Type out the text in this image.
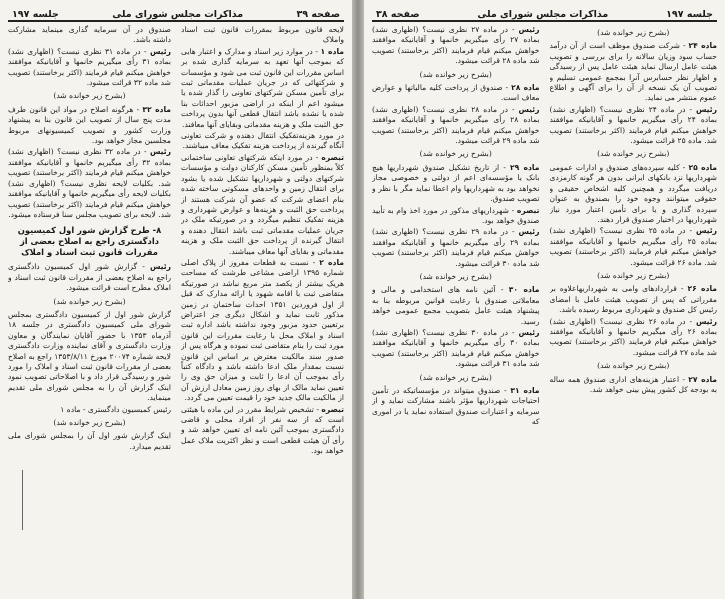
صفحه ۳۹
مذاکرات مجلس شورای ملی
جلسه ۱۹۷

لایحه قانون مربوط بمقررات قانون ثبت اسناد واملاک

ماده ۱ - در موارد زیر اسناد و مدارک و اعتبار هایی که بموجب آنها تعهد به سرمایه گذاری شده بر اساس مقررات این قانون ثبت می شود و مؤسسات و شرکتهائی که در جریان عملیات مقدماتی ثبت برای تأمین مسکن شرکتهای تعاونی را گذار شده یا میشود اعم از اینکه در اراضی مزبور احداثات بنا شده یا نشده باشد انتقال قطعی آنها بدون پرداخت حق الثبت ملک و هزینه مقدماتی وبقایای آنها معافند.

در مورد هزینه‌تفکیک انتقال دهنده و شرکت تعاونی آنگاه گیرنده از پرداخت هزینه تفکیک معاف میباشند.

تبصره - در مورد اینکه شرکتهای تعاونی ساختمانی کلاً بمنظور تأمین مسکن کارکنان دولت و مؤسسات شرکتهای دولتی و شهرداریها تشکیل شده یا بشود برای انتقال زمین و واحدهای مسکونی ساخته شده بنام اعضای شرکت که عضو آن شرکت هستند از پرداخت حق الثبت و هزینه‌ها و عوارض شهرداری و هزینه تفکیک تنظیم میگردد و در صورتیکه ملک در جریان عملیات مقدماتی ثبت باشد انتقال دهنده و انتقال گیرنده از پرداخت حق الثبت ملک و هزینه مقدماتی و بقایای آنها معاف میباشند.

ماده ۲ - نسبت به قطعات مفروز از پلاک اصلی شماره ۱۳۹۵ اراضی مشاعی طرشت که مساحت هریک بیشتر از یکصد متر مربع نباشد در صورتیکه متقاضی ثبت با اقامه شهود یا ارائه مدارک که قبل از اول فروردین ۱۳۵۱ احداث ساختمان در زمین مذکور ثابت نماید و اشکال دیگری جز اعتراض برتعیین حدود مزبور وجود نداشته باشد اداره ثبت اسناد و املاک محل با رعایت مقررات این قانون مورد ثبت را بنام متقاضی ثبت نموده و هرگاه پس از صدور سند مالکیت معترض بر اساس این قانون نسبت بمقدار ملک ادعا داشته باشد و دادگاه کتباً رأی بموجب آن ادعا را ثابت و میزان حق وی را تعیین نماید مالک از بهای روز زمین معادل ارزش آن از مالکیت مالک جدید خود را قیمت تعیین می گردد.

تبصره - تشخیص شرایط مقرر در این ماده با هیئتی است که از سه نفر از افراد محلی و قاضی دادگستری بموجب آئین نامه ای تعیین خواهد شد و رأی آن هیئت قطعی است و نظر اکثریت ملاک عمل خواهد بود.

صندوق در آن سرمایه گذاری مینماید مشارکت داشته باشد.

رئیس - در ماده ۳۱ نظری نیست؟ (اظهاری نشد) بماده ۳۱ رأی میگیریم خانمها و آقایانیکه موافقند خواهش میکنم قیام فرمایند (اکثر برخاستند) تصویب شد ماده ۳۲ قرائت میشود.

(بشرح زیر خوانده شد)

ماده ۳۲ - هرگونه اصلاح در مواد این قانون طرف مدت پنج سال از تصویب این قانون بنا به پیشنهاد وزارت کشور و تصویب کمیسیونهای مربوط مجلسین مجاز خواهد بود.

رئیس - در ماده ۳۲ نظری نیست؟ (اظهاری نشد) بماده ۳۲ رأی میگیریم خانمها و آقایانیکه موافقند خواهش میکنم قیام فرمایند (اکثر برخاستند) تصویب شد. بکلیات لایحه نظری نیست؟ (اظهاری نشد) بکلیات لایحه رأی میگیریم خانمها و آقایانیکه موافقند خواهش میکنم قیام فرمایند (اکثر برخاستند) تصویب شد. لایحه برای تصویب مجلس سنا فرستاده میشود.

۸- طرح گزارش شور اول کمیسیون دادگستری راجع به اصلاح بعضی از مقررات قانون ثبت اسناد و املاک

رئیس - گزارش شور اول کمیسیون دادگستری راجع به اصلاح بعضی از مقررات قانون ثبت اسناد و املاک مطرح است قرائت میشود.

(بشرح زیر خوانده شد)

گزارش شور اول از کمیسیون دادگستری بمجلس شورای ملی کمیسیون دادگستری در جلسه ۱۸ آذرماه ۱۳۵۳ با حضور آقایان نمایندگان و معاون وزارت دادگستری و آقای نماینده وزارت دادگستری لایحه شماره ۲۰۰۷۴ مورخ ۱۳۵۳/۸/۱۱ راجع به اصلاح بعضی از مقررات قانون ثبت اسناد و املاک را مورد شور و رسیدگی قرار داد و با اصلاحاتی تصویب نمود اینک گزارش آن را به مجلس شورای ملی تقدیم مینماید.

رئیس کمیسیون دادگستری - ماده ۱

(بشرح زیر خوانده شد)

اینک گزارش شور اول آن را بمجلس شورای ملی تقدیم میدارد.

جلسه ۱۹۷
مذاکرات مجلس شورای ملی
صفحه ۳۸

(بشرح زیر خوانده شد)

ماده ۲۴ - شرکت صندوق موظف است از آن درآمد حساب سود وزیان سالانه را برای بررسی و تصویب هیئت عامل ارسال نماید هیئت عامل پس از رسیدگی و اظهار نظر حسابرس آنرا بمجمع عمومی تسلیم و تصویب آن یک نسخه از آن را برای آگهی و اطلاع عموم منتشر می نماید.

رئیس - در ماده ۲۴ نظری نیست؟ (اظهاری نشد) بماده ۲۴ رأی میگیریم خانمها و آقایانیکه موافقند خواهش میکنم قیام فرمایند (اکثر برخاستند) تصویب شد. ماده ۲۵ قرائت میشود.

(بشرح زیر خوانده شد)

ماده ۲۵ - کلیه سپرده‌های صندوق و ادارات عمومی شهرداریها نزد بانکهای ایرانی بدون هر گونه کارمزدی دریافت میگردد و همچنین کلیه اشخاص حقیقی و حقوقی میتوانند وجوه خود را بصندوق به عنوان سپرده گذاری و یا برای تأمین اعتبار مورد نیاز شهرداریها در اختیار صندوق قرار دهند.

رئیس - در ماده ۲۵ نظری نیست؟ (اظهاری نشد) بماده ۲۵ رأی میگیریم خانمها و آقایانیکه موافقند خواهش میکنم قیام فرمایند (اکثر برخاستند) تصویب شد. ماده ۲۶ قرائت میشود.

(بشرح زیر خوانده شد)

ماده ۲۶ - قراردادهای وامی به شهرداریهاعلاوه بر مقرراتی که پس از تصویب هیئت عامل با امضای رئیس کل صندوق و شهرداری مربوط رسیده باشد.

رئیس - در ماده ۲۶ نظری نیست؟ (اظهاری نشد) بماده ۲۶ رأی میگیریم خانمها و آقایانیکه موافقند خواهش میکنم قیام فرمایند (اکثر برخاستند) تصویب شد ماده ۲۷ قرائت میشود.

(بشرح زیر خوانده شد)

ماده ۲۷ - اعتبار هزینه‌های اداری صندوق همه ساله به بودجه کل کشور پیش بینی خواهد شد.

رئیس - در ماده ۲۷ نظری نیست؟ (اظهاری نشد) بماده ۲۷ رأی میگیریم خانمها و آقایانیکه موافقند خواهش میکنم قیام فرمایند (اکثر برخاستند) تصویب شد ماده ۲۸ قرائت میشود.

(بشرح زیر خوانده شد)

ماده ۲۸ - صندوق از پرداخت کلیه مالیاتها و عوارض معاف است.

رئیس - در ماده ۲۸ نظری نیست؟ (اظهاری نشد) بماده ۲۸ رأی میگیریم خانمها و آقایانیکه موافقند خواهش میکنم قیام فرمایند (اکثر برخاستند) تصویب شد ماده ۲۹ قرائت میشود.

(بشرح زیر خوانده شد)

ماده ۲۹ - از تاریخ تشکیل صندوق شهرداریها هیچ بانک یا مؤسسه‌ای اعم از دولتی و خصوصی مجاز نخواهد بود به شهرداریها وام اعطا نماید مگر با نظر و تصویب صندوق.

تبصره - شهرداریهای مذکور در مورد اخذ وام به تأیید صندوق خواهد بود.

رئیس - در ماده ۲۹ نظری نیست؟ (اظهاری نشد) بماده ۲۹ رأی میگیریم خانمها و آقایانیکه موافقند خواهش میکنم قیام فرمایند (اکثر برخاستند) تصویب شد ماده ۳۰ قرائت میشود.

(بشرح زیر خوانده شد)

ماده ۳۰ - آئین نامه های استخدامی و مالی و معاملاتی صندوق با رعایت قوانین مربوطه بنا به پیشنهاد هیئت عامل بتصویب مجمع عمومی خواهد رسید.

رئیس - در ماده ۳۰ نظری نیست؟ (اظهاری نشد) بماده ۳۰ رأی میگیریم خانمها و آقایانیکه موافقند خواهش میکنم قیام فرمایند (اکثر برخاستند) تصویب شد ماده ۳۱ قرائت میشود.

(بشرح زیر خوانده شد)

ماده ۳۱ - صندوق میتواند در مؤسساتیکه در تأمین احتیاجات شهرداریها مؤثر باشند مشارکت نماید و از سرمایه و اعتبارات صندوق استفاده نماید یا در اموری که
